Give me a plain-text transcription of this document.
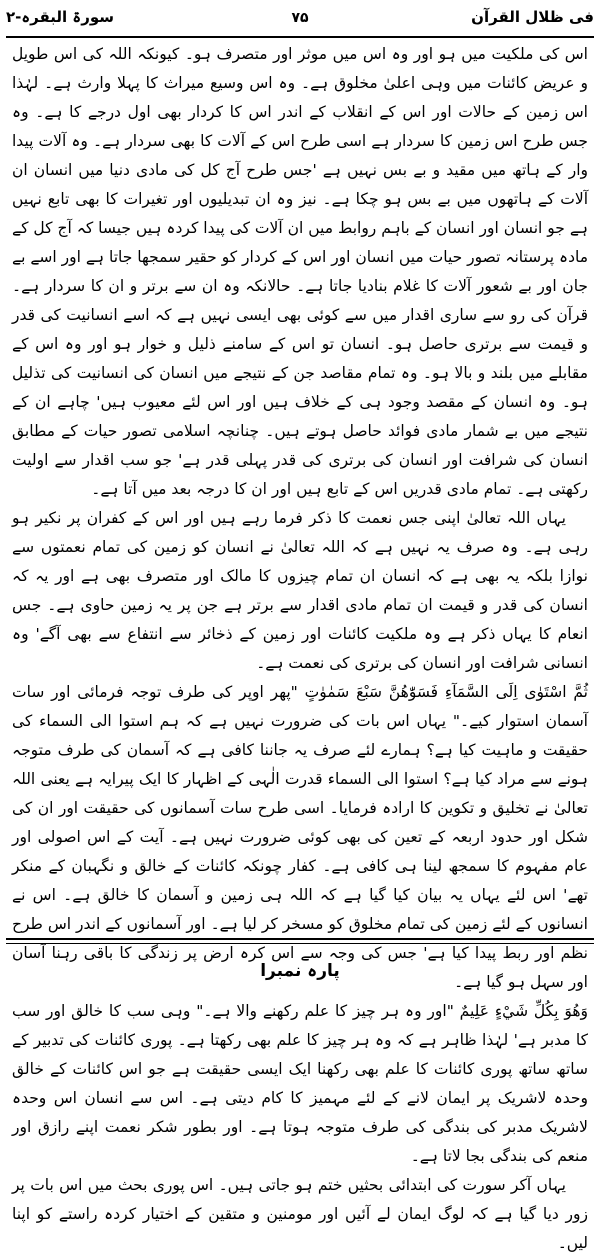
فی ظلال القرآن
۷۵
سورۃ البقرہ-۲

اس کی ملکیت میں ہو اور وہ اس میں موثر اور متصرف ہو۔ کیونکہ اللہ کی اس طویل و عریض کائنات میں وہی اعلیٰ مخلوق ہے۔ وہ اس وسیع میراث کا پہلا وارث ہے۔ لہٰذا اس زمین کے حالات اور اس کے انقلاب کے اندر اس کا کردار بھی اول درجے کا ہے۔ وہ جس طرح اس زمین کا سردار ہے اسی طرح اس کے آلات کا بھی سردار ہے۔ وہ آلات پیدا وار کے ہاتھ میں مقید و بے بس نہیں ہے 'جس طرح آج کل کی مادی دنیا میں انسان ان آلات کے ہاتھوں میں بے بس ہو چکا ہے۔ نیز وہ ان تبدیلیوں اور تغیرات کا بھی تابع نہیں ہے جو انسان اور انسان کے باہم روابط میں ان آلات کی پیدا کردہ ہیں جیسا کہ آج کل کے مادہ پرستانہ تصور حیات میں انسان اور اس کے کردار کو حقیر سمجھا جاتا ہے اور اسے بے جان اور بے شعور آلات کا غلام بنادیا جاتا ہے۔ حالانکہ وہ ان سے برتر و ان کا سردار ہے۔ قرآن کی رو سے ساری اقدار میں سے کوئی بھی ایسی نہیں ہے کہ اسے انسانیت کی قدر و قیمت سے برتری حاصل ہو۔ انسان تو اس کے سامنے ذلیل و خوار ہو اور وہ اس کے مقابلے میں بلند و بالا ہو۔ وہ تمام مقاصد جن کے نتیجے میں انسان کی انسانیت کی تذلیل ہو۔ وہ انسان کے مقصد وجود ہی کے خلاف ہیں اور اس لئے معیوب ہیں' چاہے ان کے نتیجے میں بے شمار مادی فوائد حاصل ہوتے ہیں۔ چنانچہ اسلامی تصور حیات کے مطابق انسان کی شرافت اور انسان کی برتری کی قدر پہلی قدر ہے' جو سب اقدار سے اولیت رکھتی ہے۔ تمام مادی قدریں اس کے تابع ہیں اور ان کا درجہ بعد میں آتا ہے۔

یہاں اللہ تعالیٰ اپنی جس نعمت کا ذکر فرما رہے ہیں اور اس کے کفران پر نکیر ہو رہی ہے۔ وہ صرف یہ نہیں ہے کہ اللہ تعالیٰ نے انسان کو زمین کی تمام نعمتوں سے نوازا بلکہ یہ بھی ہے کہ انسان ان تمام چیزوں کا مالک اور متصرف بھی ہے اور یہ کہ انسان کی قدر و قیمت ان تمام مادی اقدار سے برتر ہے جن پر یہ زمین حاوی ہے۔ جس انعام کا یہاں ذکر ہے وہ ملکیت کائنات اور زمین کے ذخائر سے انتفاع سے بھی آگے' وہ انسانی شرافت اور انسان کی برتری کی نعمت ہے۔

ثُمَّ اسْتَوٰی اِلَی السَّمَآءِ فَسَوّٰھُنَّ سَبْعَ سَمٰوٰتٍ "پھر اوپر کی طرف توجہ فرمائی اور سات آسمان استوار کیے۔" یہاں اس بات کی ضرورت نہیں ہے کہ ہم استوا الی السماء کی حقیقت و ماہیت کیا ہے؟ ہمارے لئے صرف یہ جاننا کافی ہے کہ آسمان کی طرف متوجہ ہونے سے مراد کیا ہے؟ استوا الی السماء قدرت الٰہی کے اظہار کا ایک پیرایہ ہے یعنی اللہ تعالیٰ نے تخلیق و تکوین کا ارادہ فرمایا۔ اسی طرح سات آسمانوں کی حقیقت اور ان کی شکل اور حدود اربعہ کے تعین کی بھی کوئی ضرورت نہیں ہے۔ آیت کے اس اصولی اور عام مفہوم کا سمجھ لینا ہی کافی ہے۔ کفار چونکہ کائنات کے خالق و نگہبان کے منکر تھے' اس لئے یہاں یہ بیان کیا گیا ہے کہ اللہ ہی زمین و آسمان کا خالق ہے۔ اس نے انسانوں کے لئے زمین کی تمام مخلوق کو مسخر کر لیا ہے۔ اور آسمانوں کے اندر اس طرح نظم اور ربط پیدا کیا ہے' جس کی وجہ سے اس کرہ ارض پر زندگی کا باقی رہنا آسان اور سہل ہو گیا ہے۔

وَهُوَ بِكُلِّ شَيْءٍ عَلِيمٌ "اور وہ ہر چیز کا علم رکھنے والا ہے۔" وہی سب کا خالق اور سب کا مدبر ہے' لہٰذا ظاہر ہے کہ وہ ہر چیز کا علم بھی رکھتا ہے۔ پوری کائنات کی تدبیر کے ساتھ ساتھ پوری کائنات کا علم بھی رکھنا ایک ایسی حقیقت ہے جو اس کائنات کے خالق وحدہ لاشریک پر ایمان لانے کے لئے مہمیز کا کام دیتی ہے۔ اس سے انسان اس وحدہ لاشریک مدبر کی بندگی کی طرف متوجہ ہوتا ہے۔ اور بطور شکر نعمت اپنے رازق اور منعم کی بندگی بجا لاتا ہے۔

یہاں آکر سورت کی ابتدائی بحثیں ختم ہو جاتی ہیں۔ اس پوری بحث میں اس بات پر زور دیا گیا ہے کہ لوگ ایمان لے آئیں اور مومنین و متقین کے اختیار کردہ راستے کو اپنا لیں۔

پارہ نمبرا
